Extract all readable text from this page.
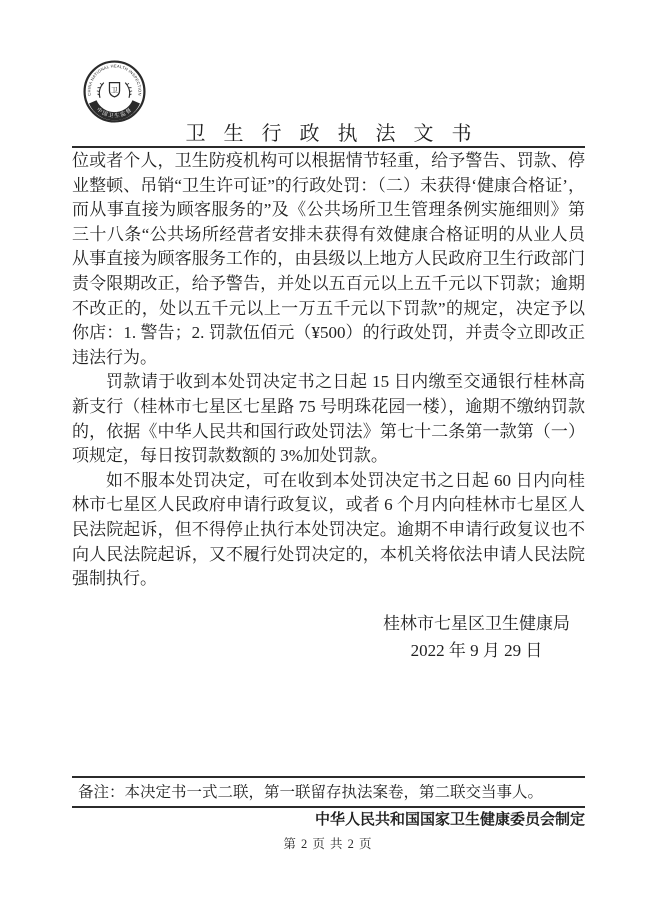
CHINA NATIONAL HEALTH INSPECTION
中国卫生监督
卫
卫生行政执法文书

位或者个人，卫生防疫机构可以根据情节轻重，给予警告、罚款、停业整顿、吊销“卫生许可证”的行政处罚：（二）未获得‘健康合格证’，而从事直接为顾客服务的”及《公共场所卫生管理条例实施细则》第三十八条“公共场所经营者安排未获得有效健康合格证明的从业人员从事直接为顾客服务工作的，由县级以上地方人民政府卫生行政部门责令限期改正，给予警告，并处以五百元以上五千元以下罚款；逾期不改正的，处以五千元以上一万五千元以下罚款”的规定，决定予以你店：1. 警告；2. 罚款伍佰元（¥500）的行政处罚，并责令立即改正违法行为。

罚款请于收到本处罚决定书之日起 15 日内缴至交通银行桂林高新支行（桂林市七星区七星路 75 号明珠花园一楼），逾期不缴纳罚款的，依据《中华人民共和国行政处罚法》第七十二条第一款第（一）项规定，每日按罚款数额的 3%加处罚款。

如不服本处罚决定，可在收到本处罚决定书之日起 60 日内向桂林市七星区人民政府申请行政复议，或者 6 个月内向桂林市七星区人民法院起诉，但不得停止执行本处罚决定。逾期不申请行政复议也不向人民法院起诉，又不履行处罚决定的，本机关将依法申请人民法院强制执行。

桂林市七星区卫生健康局
2022 年 9 月 29 日
备注：本决定书一式二联，第一联留存执法案卷，第二联交当事人。
中华人民共和国国家卫生健康委员会制定
第 2 页 共 2 页
